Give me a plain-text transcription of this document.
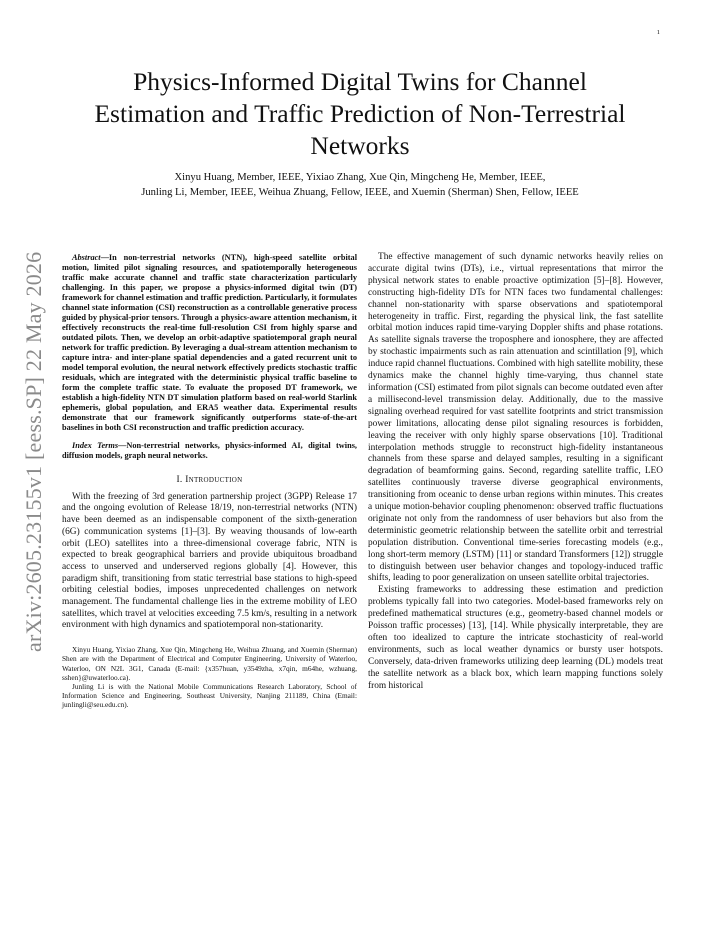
1
arXiv:2605.23155v1 [eess.SP] 22 May 2026
Physics-Informed Digital Twins for Channel
Estimation and Traffic Prediction of Non-Terrestrial
Networks
Xinyu Huang, Member, IEEE, Yixiao Zhang, Xue Qin, Mingcheng He, Member, IEEE,
Junling Li, Member, IEEE, Weihua Zhuang, Fellow, IEEE, and Xuemin (Sherman) Shen, Fellow, IEEE

Abstract—In non-terrestrial networks (NTN), high-speed satellite orbital motion, limited pilot signaling resources, and spatiotemporally heterogeneous traffic make accurate channel and traffic state characterization particularly challenging. In this paper, we propose a physics-informed digital twin (DT) framework for channel estimation and traffic prediction. Particularly, it formulates channel state information (CSI) reconstruction as a controllable generative process guided by physical-prior tensors. Through a physics-aware attention mechanism, it effectively reconstructs the real-time full-resolution CSI from highly sparse and outdated pilots. Then, we develop an orbit-adaptive spatiotemporal graph neural network for traffic prediction. By leveraging a dual-stream attention mechanism to capture intra- and inter-plane spatial dependencies and a gated recurrent unit to model temporal evolution, the neural network effectively predicts stochastic traffic residuals, which are integrated with the deterministic physical traffic baseline to form the complete traffic state. To evaluate the proposed DT framework, we establish a high-fidelity NTN DT simulation platform based on real-world Starlink ephemeris, global population, and ERA5 weather data. Experimental results demonstrate that our framework significantly outperforms state-of-the-art baselines in both CSI reconstruction and traffic prediction accuracy.

Index Terms—Non-terrestrial networks, physics-informed AI, digital twins, diffusion models, graph neural networks.

I. Introduction

With the freezing of 3rd generation partnership project (3GPP) Release 17 and the ongoing evolution of Release 18/19, non-terrestrial networks (NTN) have been deemed as an indispensable component of the sixth-generation (6G) communication systems [1]–[3]. By weaving thousands of low-earth orbit (LEO) satellites into a three-dimensional coverage fabric, NTN is expected to break geographical barriers and provide ubiquitous broadband access to unserved and underserved regions globally [4]. However, this paradigm shift, transitioning from static terrestrial base stations to high-speed orbiting celestial bodies, imposes unprecedented challenges on network management. The fundamental challenge lies in the extreme mobility of LEO satellites, which travel at velocities exceeding 7.5 km/s, resulting in a network environment with high dynamics and spatiotemporal non-stationarity.

Xinyu Huang, Yixiao Zhang, Xue Qin, Mingcheng He, Weihua Zhuang, and Xuemin (Sherman) Shen are with the Department of Electrical and Computer Engineering, University of Waterloo, Waterloo, ON N2L 3G1, Canada (E-mail: {x357huan, y3549zha, x7qin, m64he, wzhuang, sshen}@uwaterloo.ca).

Junling Li is with the National Mobile Communications Research Laboratory, School of Information Science and Engineering, Southeast University, Nanjing 211189, China (Email: junlingli@seu.edu.cn).

The effective management of such dynamic networks heavily relies on accurate digital twins (DTs), i.e., virtual representations that mirror the physical network states to enable proactive optimization [5]–[8]. However, constructing high-fidelity DTs for NTN faces two fundamental challenges: channel non-stationarity with sparse observations and spatiotemporal heterogeneity in traffic. First, regarding the physical link, the fast satellite orbital motion induces rapid time-varying Doppler shifts and phase rotations. As satellite signals traverse the troposphere and ionosphere, they are affected by stochastic impairments such as rain attenuation and scintillation [9], which induce rapid channel fluctuations. Combined with high satellite mobility, these dynamics make the channel highly time-varying, thus channel state information (CSI) estimated from pilot signals can become outdated even after a millisecond-level transmission delay. Additionally, due to the massive signaling overhead required for vast satellite footprints and strict transmission power limitations, allocating dense pilot signaling resources is forbidden, leaving the receiver with only highly sparse observations [10]. Traditional interpolation methods struggle to reconstruct high-fidelity instantaneous channels from these sparse and delayed samples, resulting in a significant degradation of beamforming gains. Second, regarding satellite traffic, LEO satellites continuously traverse diverse geographical environments, transitioning from oceanic to dense urban regions within minutes. This creates a unique motion-behavior coupling phenomenon: observed traffic fluctuations originate not only from the randomness of user behaviors but also from the deterministic geometric relationship between the satellite orbit and terrestrial population distribution. Conventional time-series forecasting models (e.g., long short-term memory (LSTM) [11] or standard Transformers [12]) struggle to distinguish between user behavior changes and topology-induced traffic shifts, leading to poor generalization on unseen satellite orbital trajectories.

Existing frameworks to addressing these estimation and prediction problems typically fall into two categories. Model-based frameworks rely on predefined mathematical structures (e.g., geometry-based channel models or Poisson traffic processes) [13], [14]. While physically interpretable, they are often too idealized to capture the intricate stochasticity of real-world environments, such as local weather dynamics or bursty user hotspots. Conversely, data-driven frameworks utilizing deep learning (DL) models treat the satellite network as a black box, which learn mapping functions solely from historical
